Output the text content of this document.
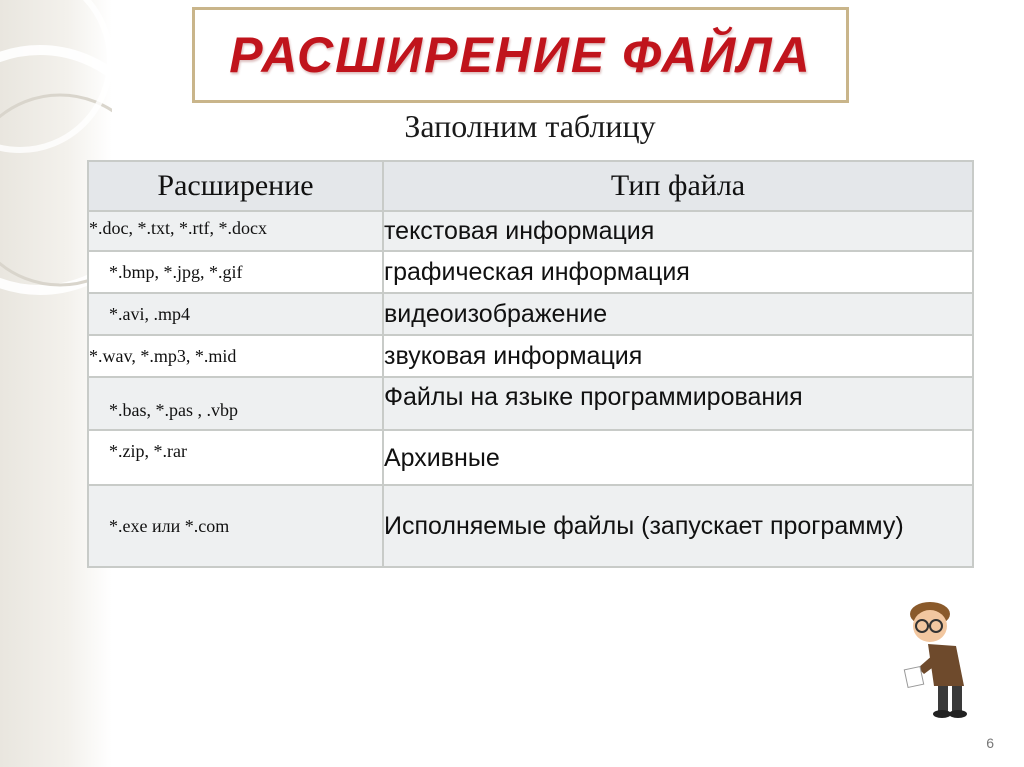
РАСШИРЕНИЕ ФАЙЛА
Заполним таблицу
Расширение	Тип файла
*.doc, *.txt, *.rtf, *.docx	текстовая информация
*.bmp, *.jpg, *.gif	графическая информация
*.avi, .mp4	видеоизображение
*.wav, *.mp3, *.mid	звуковая информация
*.bas, *.pas , .vbp	Файлы на языке программирования
*.zip, *.rar	Архивные
*.exe или *.com	Исполняемые файлы (запускает программу)
6
